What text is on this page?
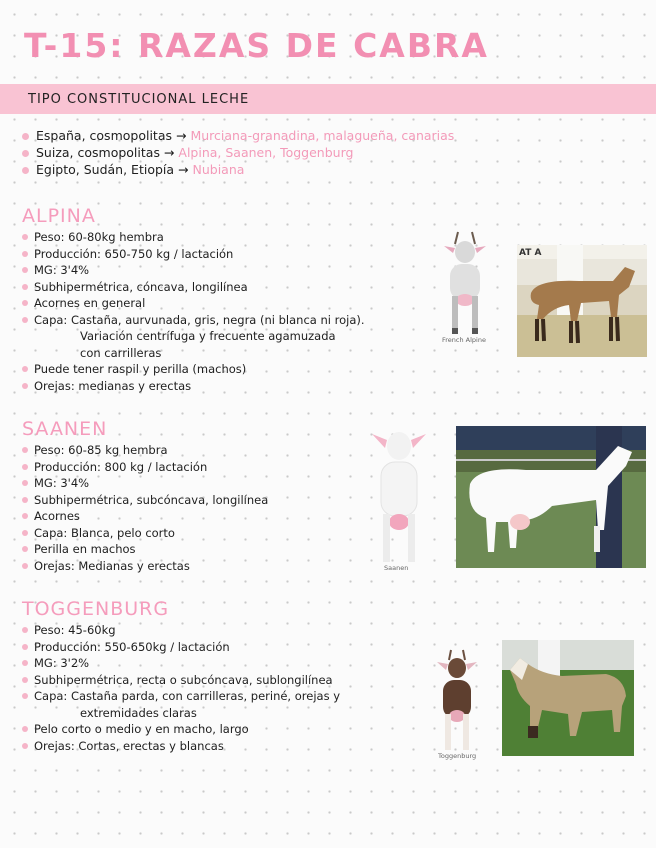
T-15: RAZAS DE CABRA
TIPO CONSTITUCIONAL LECHE
España, cosmopolitas → Murciana-granadina, malagueña, canarias
Suiza, cosmopolitas → Alpina, Saanen, Toggenburg
Egipto, Sudán, Etiopía → Nubiana
ALPINA
Peso: 60-80kg hembra
Producción: 650-750 kg / lactación
MG: 3'4%
Subhipermétrica, cóncava, longilínea
Acornes en general
Capa: Castaña, aurvunada, gris, negra (ni blanca ni roja).
Variación centrífuga y frecuente agamuzada
con carrilleras
Puede tener raspil y perilla (machos)
Orejas: medianas y erectas
French Alpine
AT A
SAANEN
Peso: 60-85 kg hembra
Producción: 800 kg / lactación
MG: 3'4%
Subhipermétrica, subcóncava, longilínea
Acornes
Capa: Blanca, pelo corto
Perilla en machos
Orejas: Medianas y erectas	Saanen
TOGGENBURG
Peso: 45-60kg
Producción: 550-650kg / lactación
MG: 3'2%
Subhipermétrica, recta o subcóncava, sublongilínea
Capa: Castaña parda, con carrilleras, periné, orejas y
extremidades claras
Pelo corto o medio y en macho, largo
Orejas: Cortas, erectas y blancas
Toggenburg
